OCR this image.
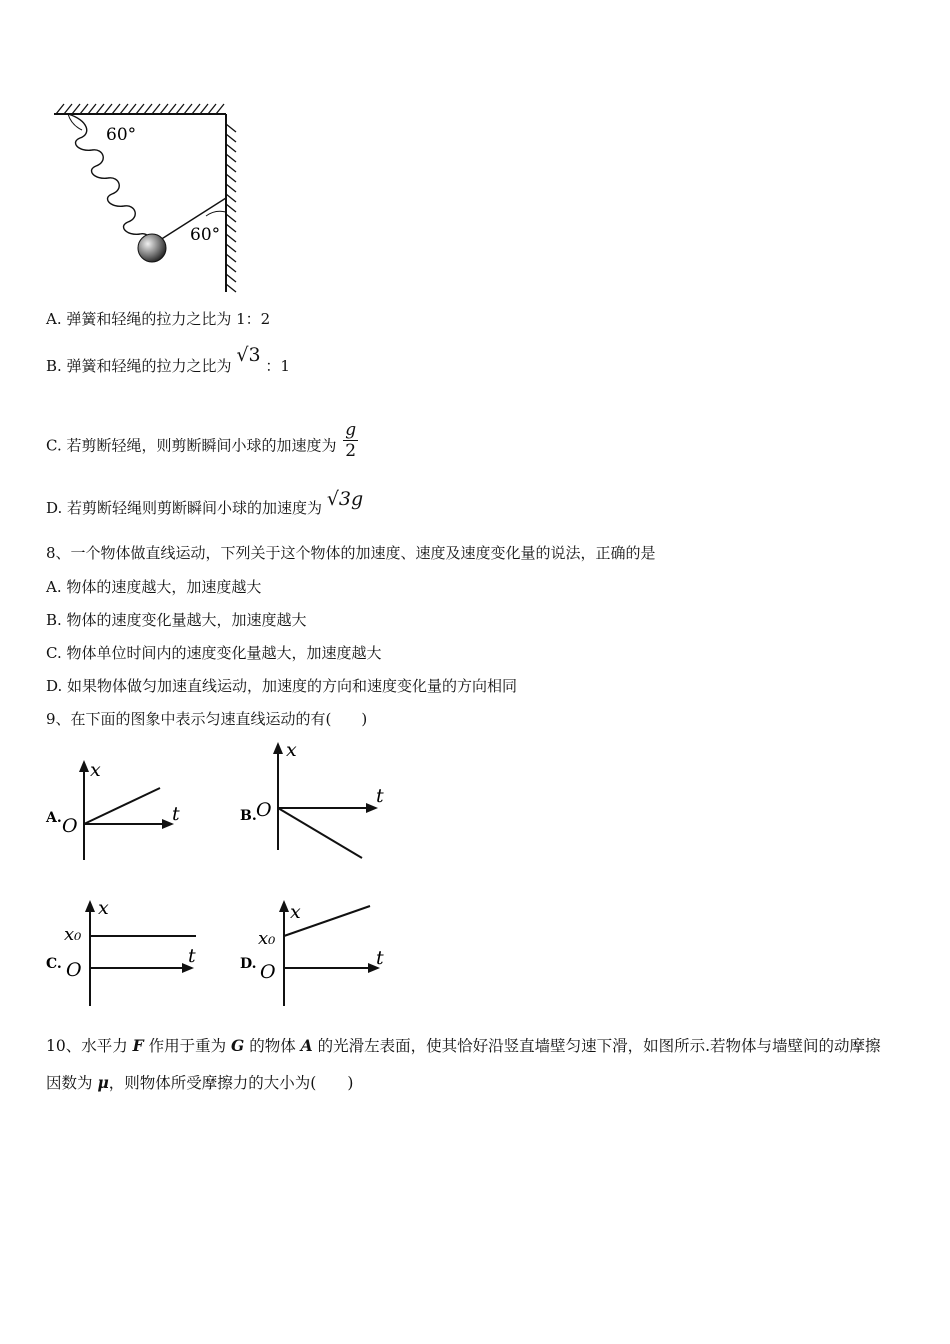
60°
60°
A. 弹簧和轻绳的拉力之比为 1：2
B. 弹簧和轻绳的拉力之比为 √3 ：1
C. 若剪断轻绳，则剪断瞬间小球的加速度为 $\frac{g}{2}$
D. 若剪断轻绳则剪断瞬间小球的加速度为 √3g
8、一个物体做直线运动，下列关于这个物体的加速度、速度及速度变化量的说法，正确的是
A. 物体的速度越大，加速度越大
B. 物体的速度变化量越大，加速度越大
C. 物体单位时间内的速度变化量越大，加速度越大
D. 如果物体做匀加速直线运动，加速度的方向和速度变化量的方向相同
9、在下面的图象中表示匀速直线运动的有(　　)
A.
x
t
O	B.
x
t
O
C.
x
t
O
x₀
D.
x
t
O
x₀
10、水平力 F 作用于重为 G 的物体 A 的光滑左表面，使其恰好沿竖直墙壁匀速下滑，如图所示.若物体与墙壁间的动摩擦
因数为 μ，则物体所受摩擦力的大小为(　　)
